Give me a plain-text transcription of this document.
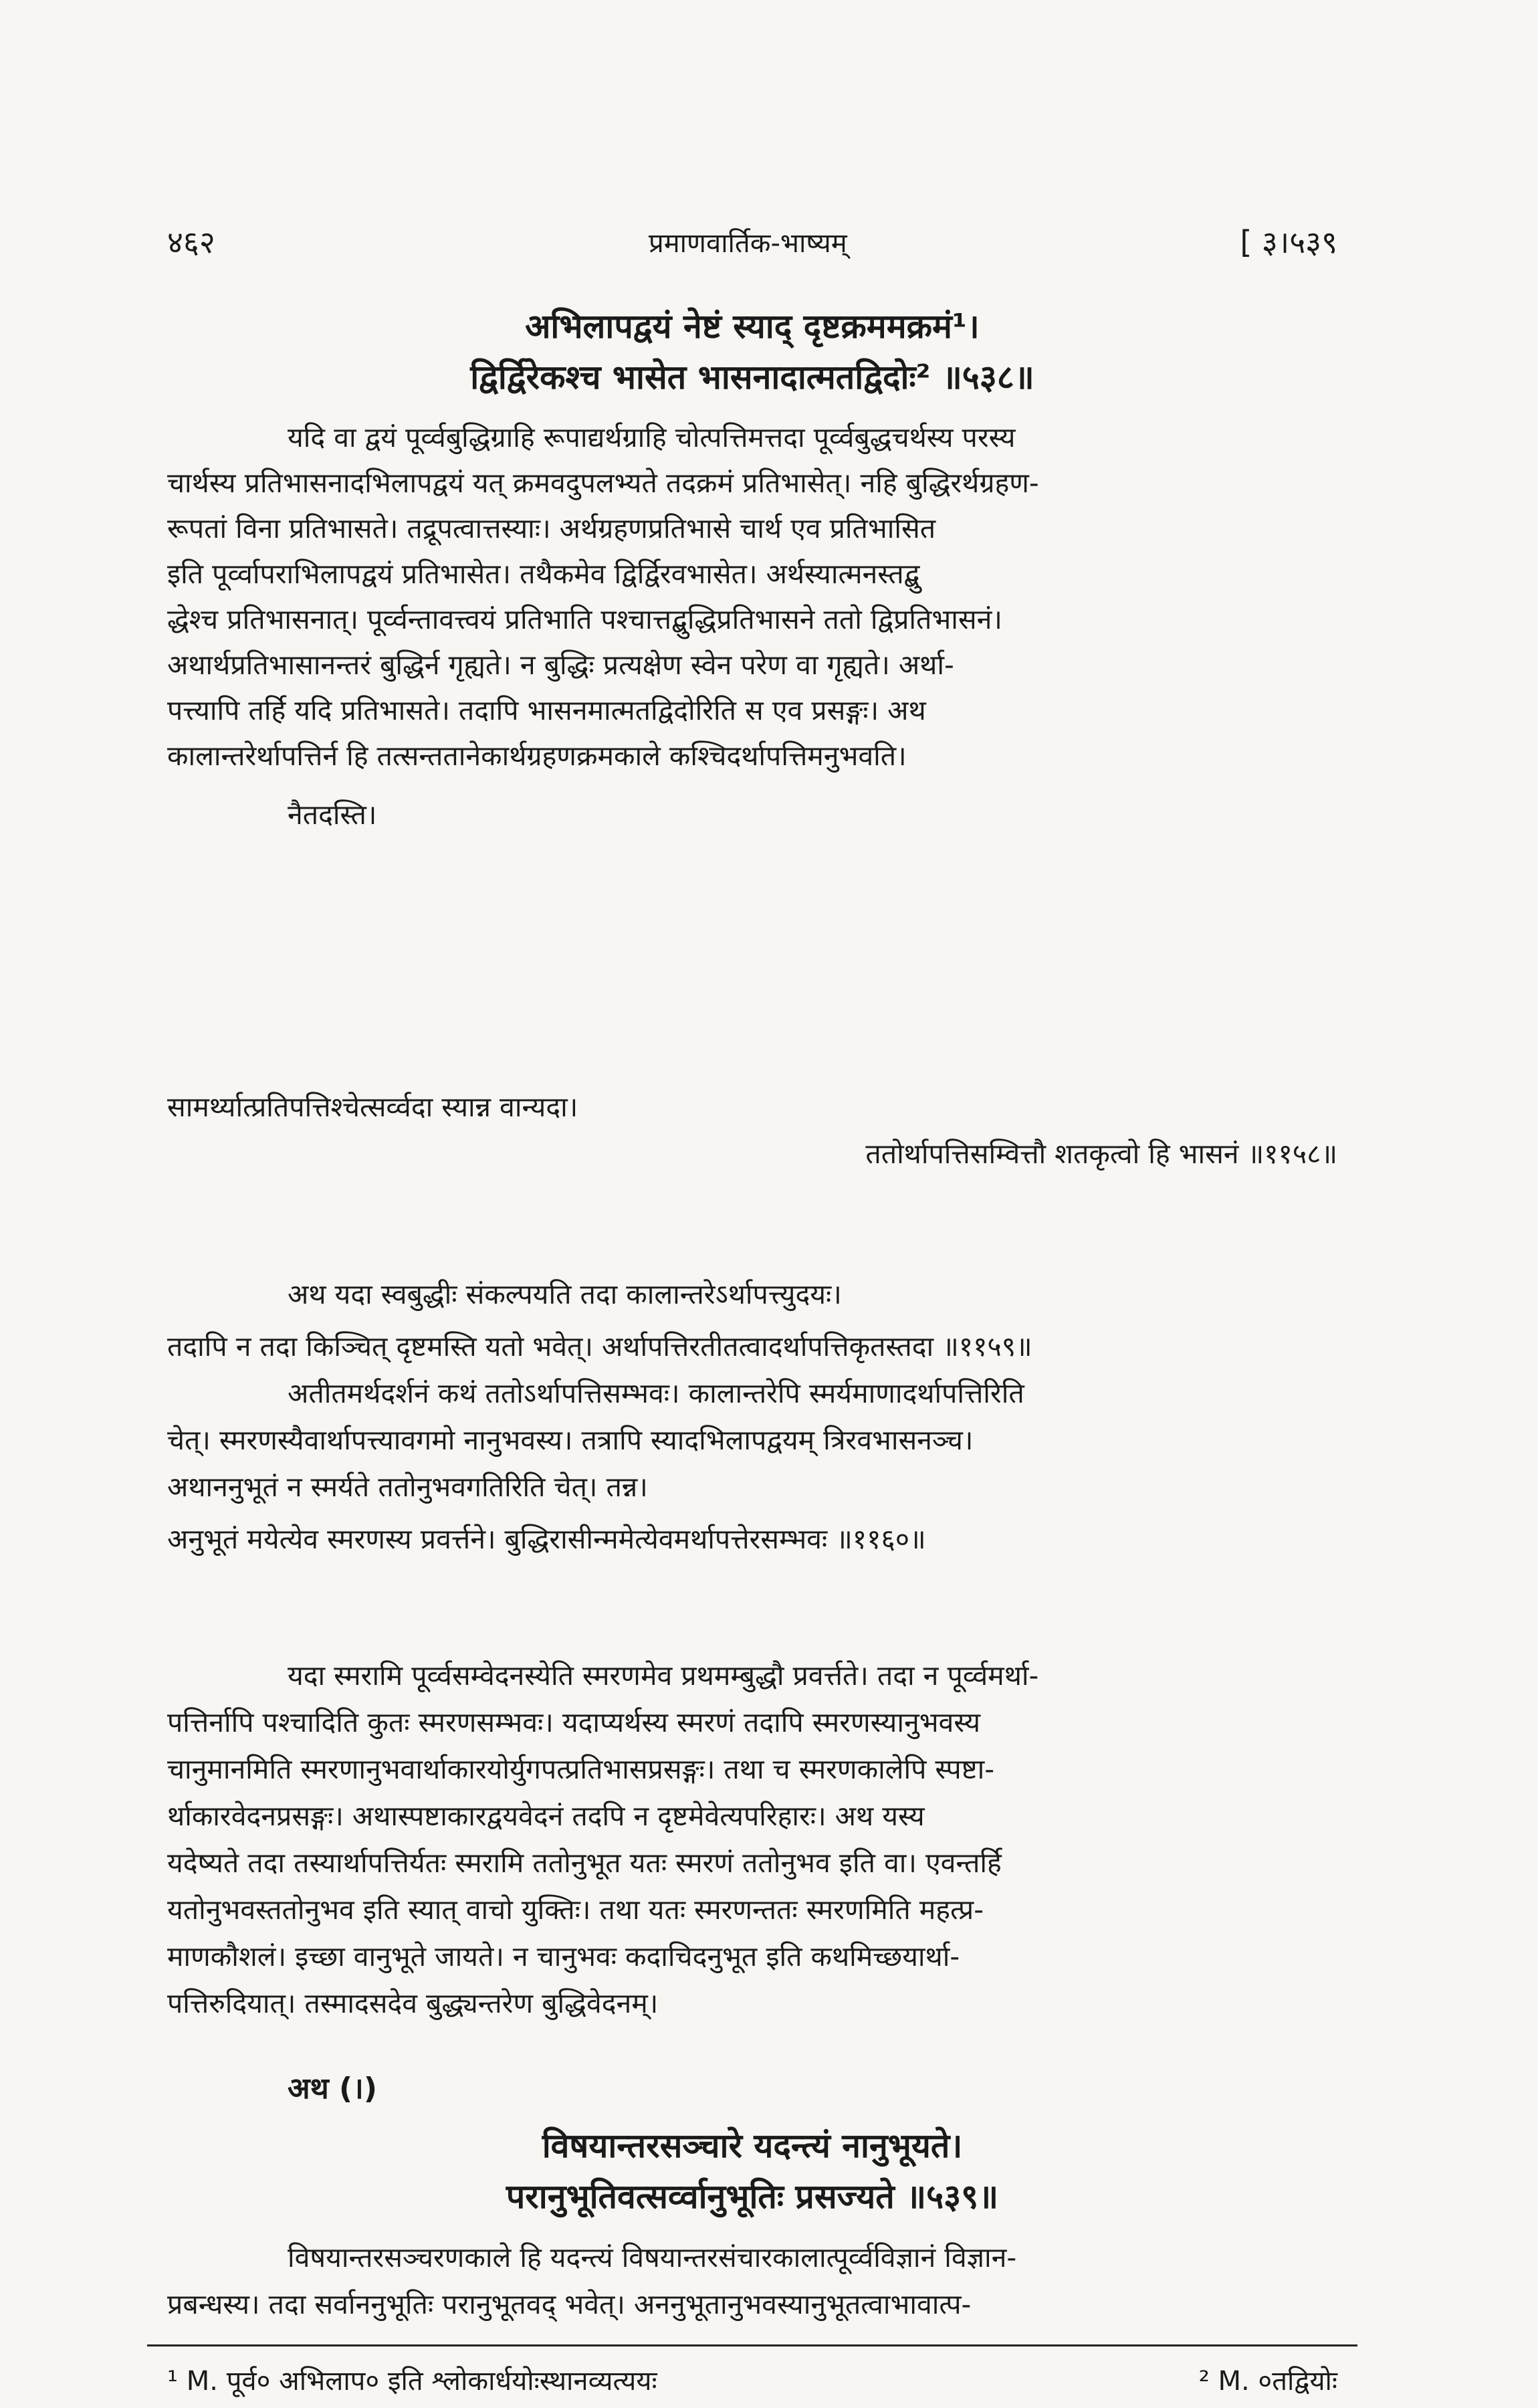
४६२	प्रमाणवार्तिक-भाष्यम्	[ ३।५३९
अभिलापद्वयं नेष्टं स्याद् दृष्टक्रममक्रमं¹।
द्विर्द्विरेकश्च भासेत भासनादात्मतद्विदोः² ॥५३८॥
यदि वा द्वयं पूर्व्वबुद्धिग्राहि रूपाद्यर्थग्राहि चोत्पत्तिमत्तदा पूर्व्वबुद्धचर्थस्य परस्य
चार्थस्य प्रतिभासनादभिलापद्वयं यत् क्रमवदुपलभ्यते तदक्रमं प्रतिभासेत्। नहि बुद्धिरर्थग्रहण-
रूपतां विना प्रतिभासते। तद्रूपत्वात्तस्याः। अर्थग्रहणप्रतिभासे चार्थ एव प्रतिभासित
इति पूर्व्वापराभिलापद्वयं प्रतिभासेत। तथैकमेव द्विर्द्विरवभासेत। अर्थस्यात्मनस्तद्बु
द्धेश्च प्रतिभासनात्। पूर्व्वन्तावत्त्वयं प्रतिभाति पश्चात्तद्बुद्धिप्रतिभासने ततो द्विप्रतिभासनं।
अथार्थप्रतिभासानन्तरं बुद्धिर्न गृह्यते। न बुद्धिः प्रत्यक्षेण स्वेन परेण वा गृह्यते। अर्था-
पत्त्यापि तर्हि यदि प्रतिभासते। तदापि भासनमात्मतद्विदोरिति स एव प्रसङ्गः। अथ
कालान्तरेर्थापत्तिर्न हि तत्सन्ततानेकार्थग्रहणक्रमकाले कश्चिदर्थापत्तिमनुभवति।
नैतदस्ति।
सामर्थ्यात्प्रतिपत्तिश्चेत्सर्व्वदा स्यान्न वान्यदा।
ततोर्थापत्तिसम्वित्तौ शतकृत्वो हि भासनं ॥११५८॥
अथ यदा स्वबुद्धीः संकल्पयति तदा कालान्तरेऽर्थापत्त्युदयः।
तदापि न तदा किञ्चित् दृष्टमस्ति यतो भवेत्। अर्थापत्तिरतीतत्वादर्थापत्तिकृतस्तदा ॥११५९॥
अतीतमर्थदर्शनं कथं ततोऽर्थापत्तिसम्भवः। कालान्तरेपि स्मर्यमाणादर्थापत्तिरिति
चेत्। स्मरणस्यैवार्थापत्त्यावगमो नानुभवस्य। तत्रापि स्यादभिलापद्वयम् त्रिरवभासनञ्च।
अथाननुभूतं न स्मर्यते ततोनुभवगतिरिति चेत्। तन्न।
अनुभूतं मयेत्येव स्मरणस्य प्रवर्त्तने। बुद्धिरासीन्ममेत्येवमर्थापत्तेरसम्भवः ॥११६०॥
यदा स्मरामि पूर्व्वसम्वेदनस्येति स्मरणमेव प्रथमम्बुद्धौ प्रवर्त्तते। तदा न पूर्व्वमर्था-
पत्तिर्नापि पश्चादिति कुतः स्मरणसम्भवः। यदाप्यर्थस्य स्मरणं तदापि स्मरणस्यानुभवस्य
चानुमानमिति स्मरणानुभवार्थाकारयोर्युगपत्प्रतिभासप्रसङ्गः। तथा च स्मरणकालेपि स्पष्टा-
र्थाकारवेदनप्रसङ्गः। अथास्पष्टाकारद्वयवेदनं तदपि न दृष्टमेवेत्यपरिहारः। अथ यस्य
यदेष्यते तदा तस्यार्थापत्तिर्यतः स्मरामि ततोनुभूत यतः स्मरणं ततोनुभव इति वा। एवन्तर्हि
यतोनुभवस्ततोनुभव इति स्यात् वाचो युक्तिः। तथा यतः स्मरणन्ततः स्मरणमिति महत्प्र-
माणकौशलं। इच्छा वानुभूते जायते। न चानुभवः कदाचिदनुभूत इति कथमिच्छयार्था-
पत्तिरुदियात्। तस्मादसदेव बुद्ध्यन्तरेण बुद्धिवेदनम्।
अथ (।)
विषयान्तरसञ्चारे यदन्त्यं नानुभूयते।
परानुभूतिवत्सर्व्वानुभूतिः प्रसज्यते ॥५३९॥
विषयान्तरसञ्चरणकाले हि यदन्त्यं विषयान्तरसंचारकालात्पूर्व्वविज्ञानं विज्ञान-
प्रबन्धस्य। तदा सर्वाननुभूतिः परानुभूतवद् भवेत्। अननुभूतानुभवस्यानुभूतत्वाभावात्प-
¹ M. पूर्व० अभिलाप० इति श्लोकार्धयोःस्थानव्यत्ययः	² M. ०तद्वियोः
